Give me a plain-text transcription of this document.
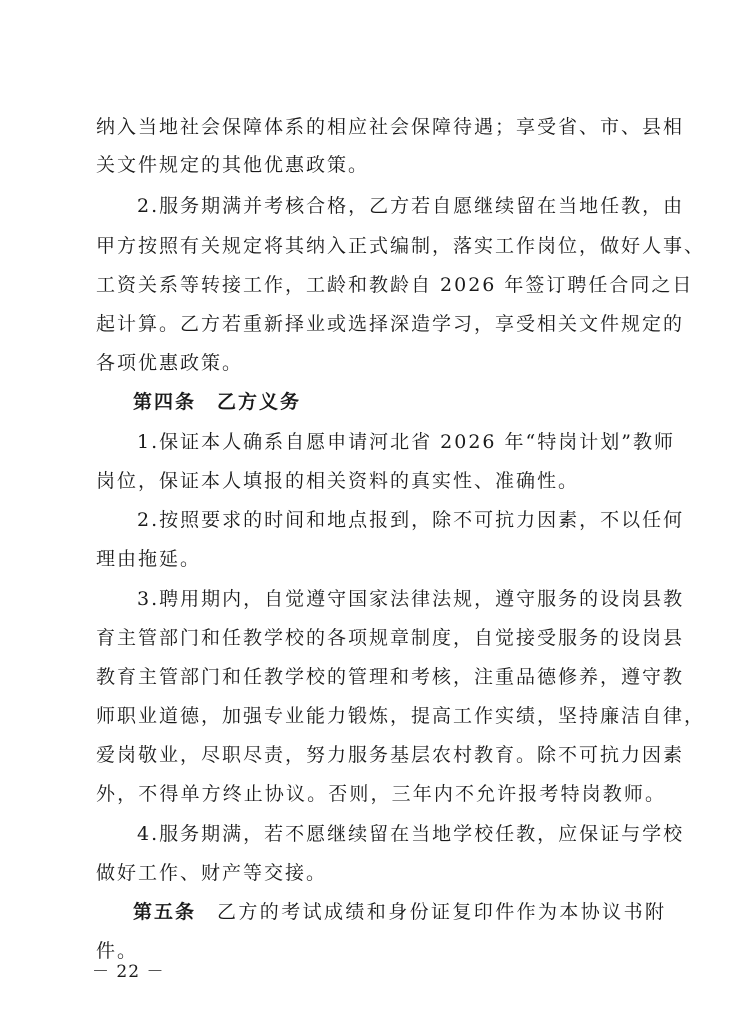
纳入当地社会保障体系的相应社会保障待遇；享受省、市、县相
关文件规定的其他优惠政策。
2.服务期满并考核合格，乙方若自愿继续留在当地任教，由
甲方按照有关规定将其纳入正式编制，落实工作岗位，做好人事、
工资关系等转接工作，工龄和教龄自 2026 年签订聘任合同之日
起计算。乙方若重新择业或选择深造学习，享受相关文件规定的
各项优惠政策。
第四条　乙方义务
1.保证本人确系自愿申请河北省 2026 年“特岗计划”教师
岗位，保证本人填报的相关资料的真实性、准确性。
2.按照要求的时间和地点报到，除不可抗力因素，不以任何
理由拖延。
3.聘用期内，自觉遵守国家法律法规，遵守服务的设岗县教
育主管部门和任教学校的各项规章制度，自觉接受服务的设岗县
教育主管部门和任教学校的管理和考核，注重品德修养，遵守教
师职业道德，加强专业能力锻炼，提高工作实绩，坚持廉洁自律，
爱岗敬业，尽职尽责，努力服务基层农村教育。除不可抗力因素
外，不得单方终止协议。否则，三年内不允许报考特岗教师。
4.服务期满，若不愿继续留在当地学校任教，应保证与学校
做好工作、财产等交接。
第五条 乙方的考试成绩和身份证复印件作为本协议书附
件。
－ 22 －
